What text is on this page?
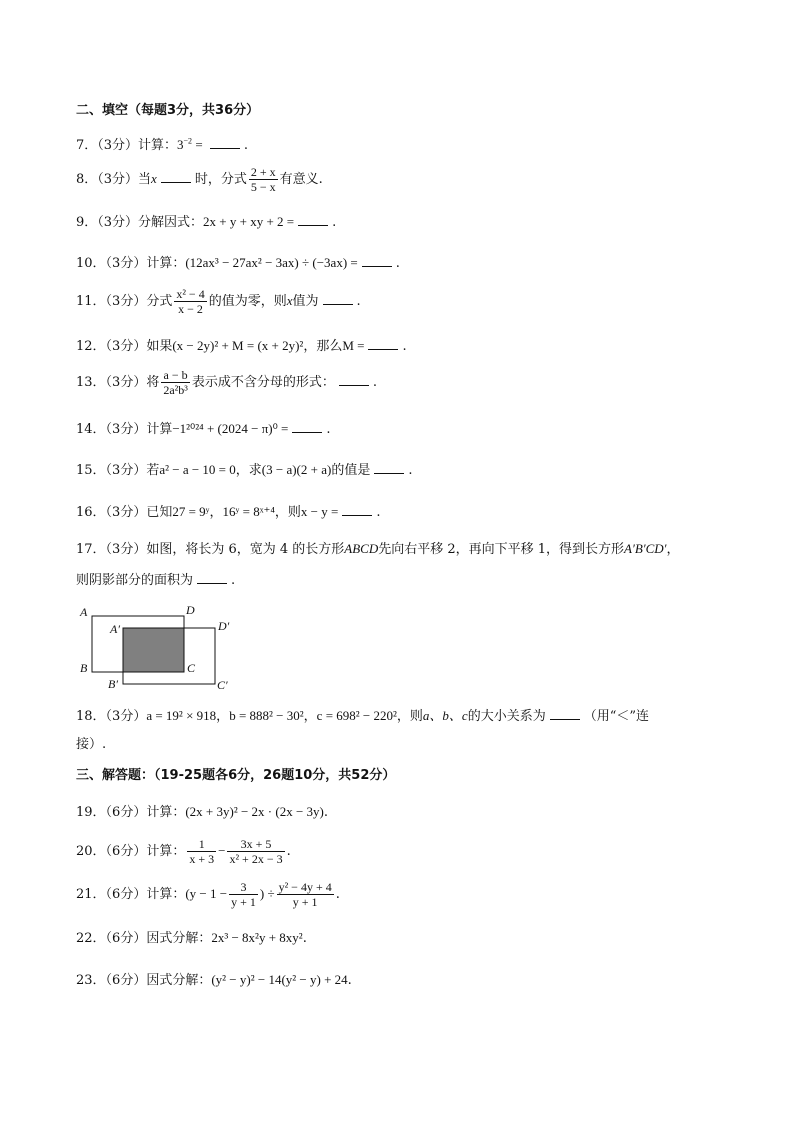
二、填空（每题3分，共36分）
7．（3分）计算：$3^{-2}$ =	.
8．（3分）当x	时，分式 $\frac{2 + x}{5 - x}$ 有意义.
9．（3分）分解因式：2x + y + xy + 2 =	.
10．（3分）计算：(12ax³ − 27ax² − 3ax) ÷ (−3ax) =	.
11．（3分）分式 $\frac{\text{x² − 4}}{x - 2}$ 的值为零，则x值为	.
12．（3分）如果(x − 2y)² + M = (x + 2y)²，那么M =	.
13．（3分）将 $\frac{a - b}{\text{2a²b³}}$ 表示成不含分母的形式：	.
14．（3分）计算−1²⁰²⁴ + (2024 − π)⁰ =	.
15．（3分）若a² − a − 10 = 0，求(3 − a)(2 + a)的值是	.
16．（3分）已知27 = 9ʸ，16ʸ = 8ˣ⁺⁴，则x − y =	.
17．（3分）如图，将长为 6，宽为 4 的长方形ABCD先向右平移 2，再向下平移 1，得到长方形A′B′CD′，
则阴影部分的面积为	.
A	D
A′	D′
B	C
B′	C′
18．（3分）a = 19² × 918，b = 888² − 30²，c = 698² − 220²，则a、b、c的大小关系为	（用“＜”连
接）.
三、解答题：（19-25题各6分，26题10分，共52分）
19．（6分）计算：(2x + 3y)² − 2x · (2x − 3y).
20．（6分）计算： $\frac{1}{x + 3} - \frac{3x + 5}{\text{x² + 2x − 3}}$ .
21．（6分）计算：($y - 1 - \frac{3}{y + 1}$ ) ÷ $\frac{\text{y² − 4y + 4}}{y + 1}$ .
22．（6分）因式分解：2x³ − 8x²y + 8xy².
23．（6分）因式分解：(y² − y)² − 14(y² − y) + 24.
